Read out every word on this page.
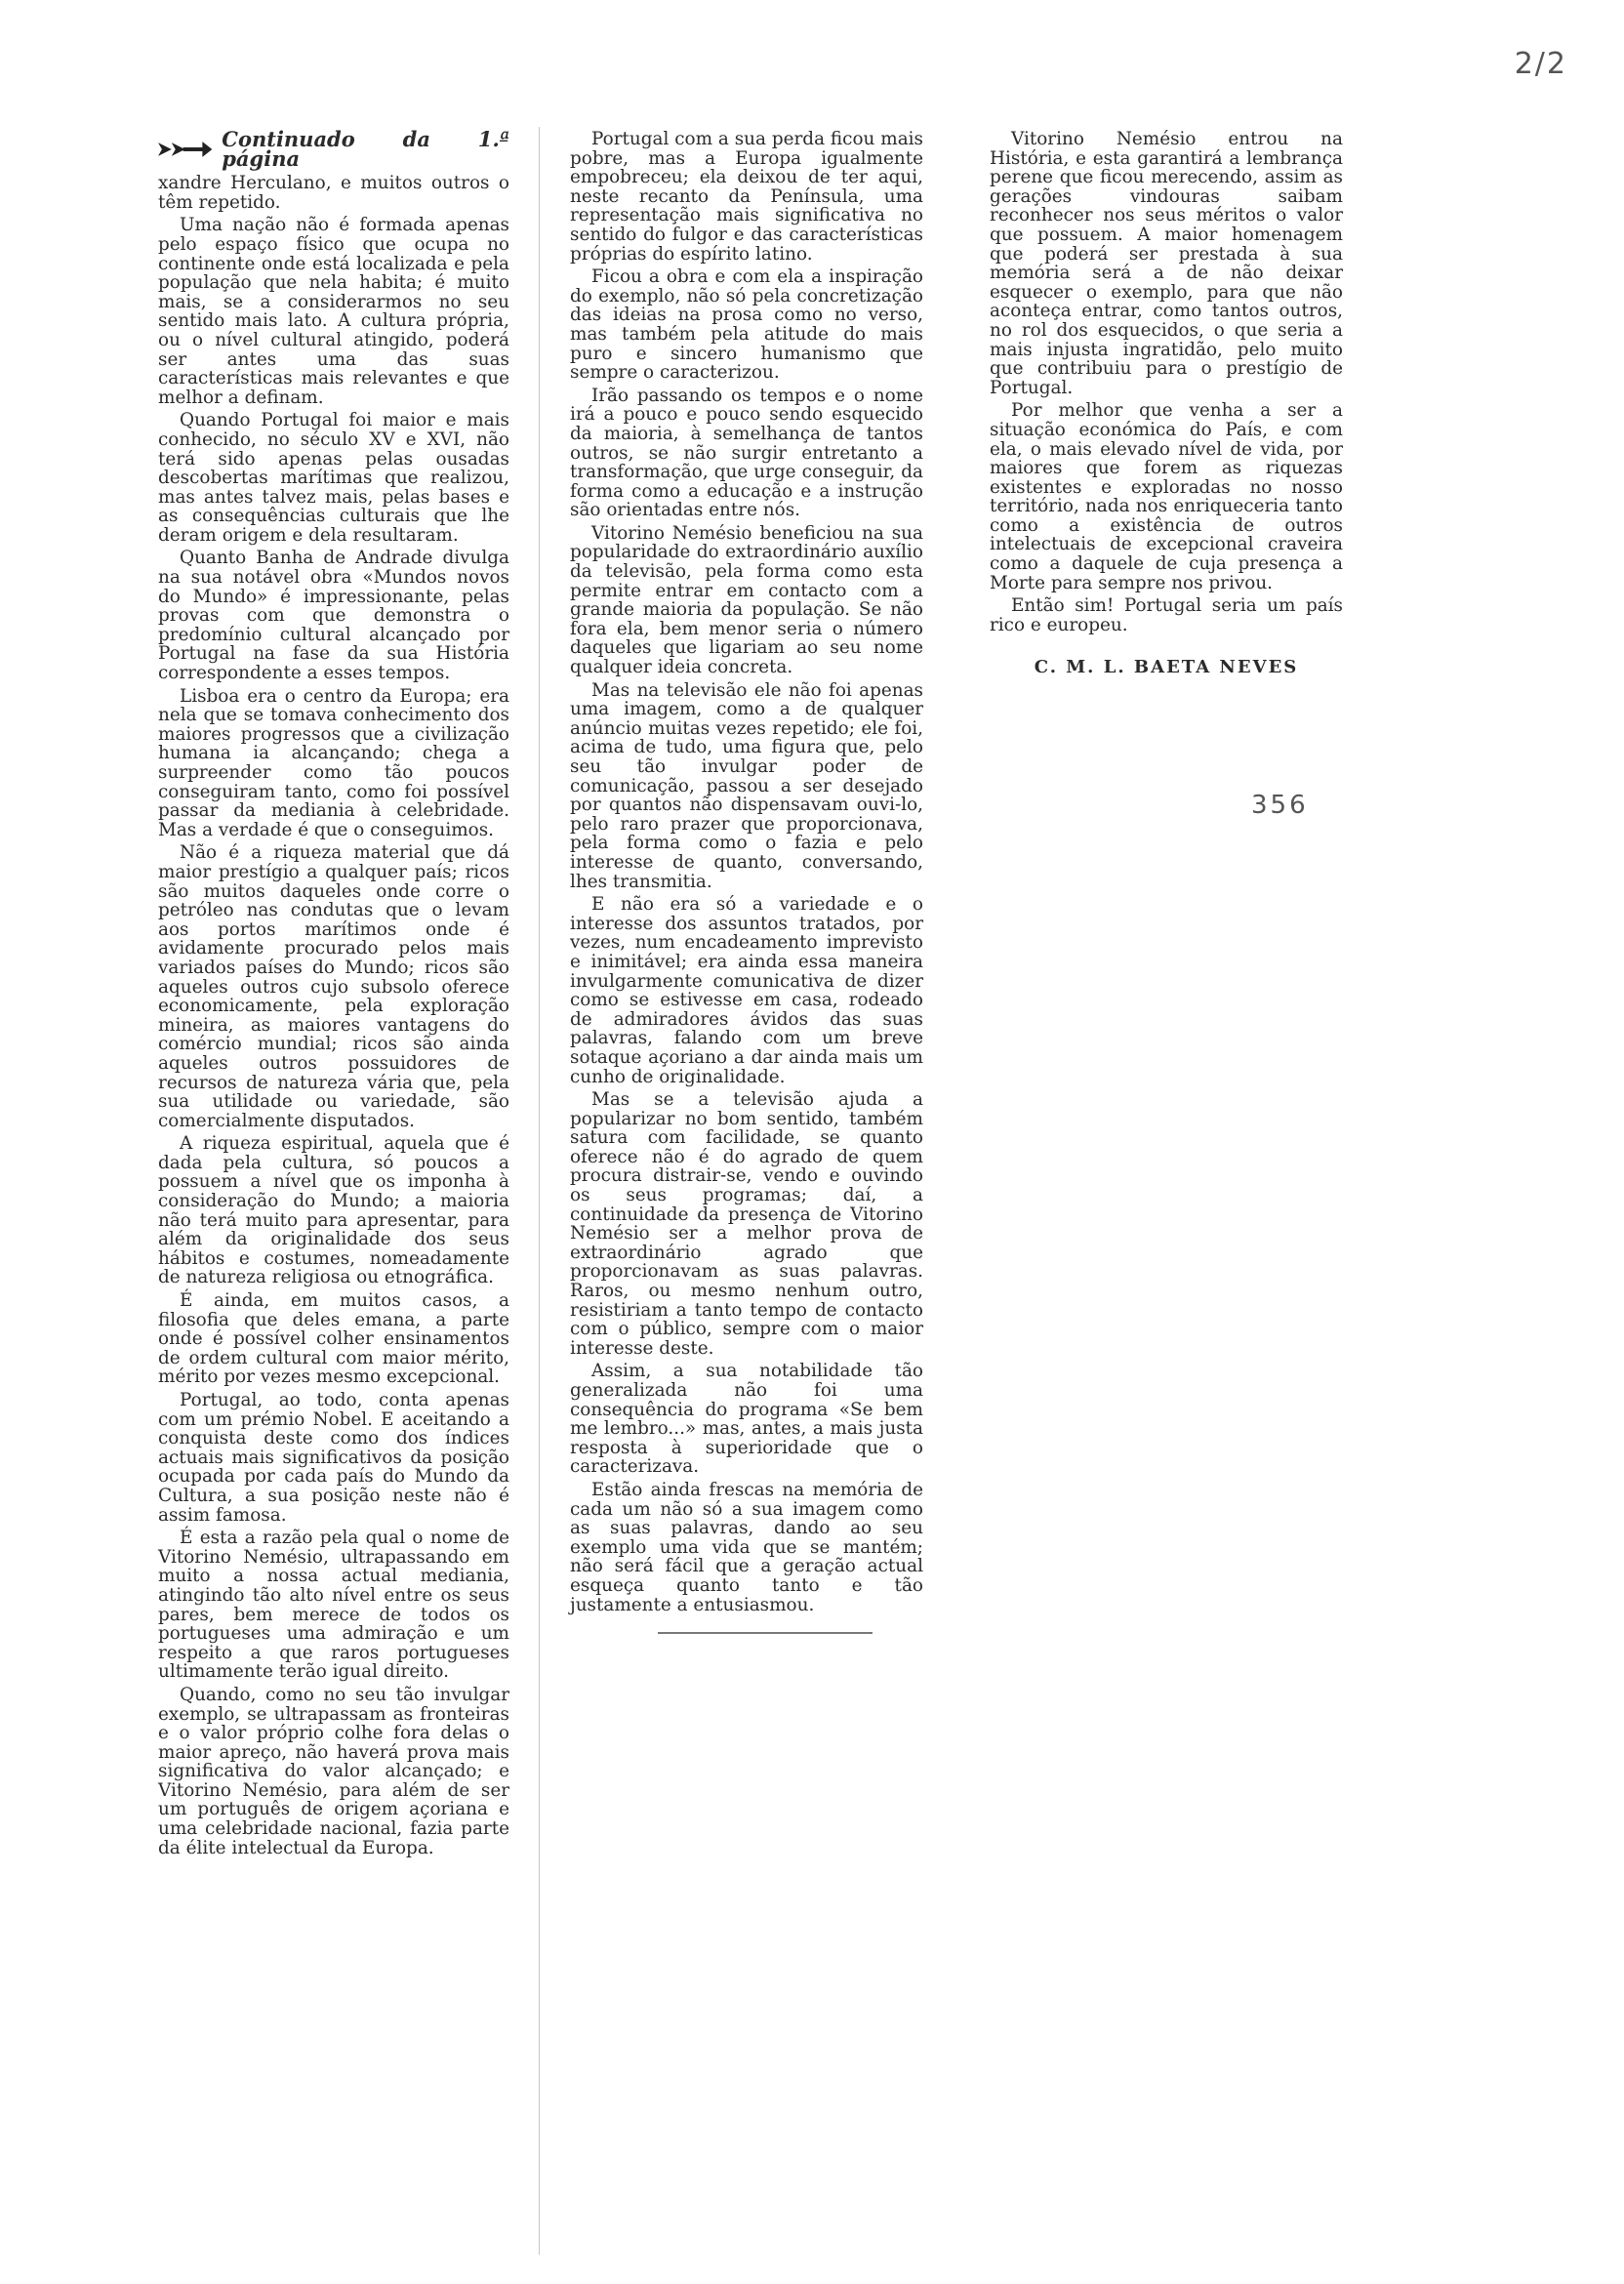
2/2
Continuado da 1.ª página

xandre Herculano, e muitos outros o têm repetido.

Uma nação não é formada apenas pelo espaço físico que ocupa no continente onde está localizada e pela população que nela habita; é muito mais, se a considerarmos no seu sentido mais lato. A cultura própria, ou o nível cultural atingido, poderá ser antes uma das suas características mais relevantes e que melhor a definam.

Quando Portugal foi maior e mais conhecido, no século XV e XVI, não terá sido apenas pelas ousadas descobertas marítimas que realizou, mas antes talvez mais, pelas bases e as consequências culturais que lhe deram origem e dela resultaram.

Quanto Banha de Andrade divulga na sua notável obra «Mundos novos do Mundo» é impressionante, pelas provas com que demonstra o predomínio cultural alcançado por Portugal na fase da sua História correspondente a esses tempos.

Lisboa era o centro da Europa; era nela que se tomava conhecimento dos maiores progressos que a civilização humana ia alcançando; chega a surpreender como tão poucos conseguiram tanto, como foi possível passar da mediania à celebridade. Mas a verdade é que o conseguimos.

Não é a riqueza material que dá maior prestígio a qualquer país; ricos são muitos daqueles onde corre o petróleo nas condutas que o levam aos portos marítimos onde é avidamente procurado pelos mais variados países do Mundo; ricos são aqueles outros cujo subsolo oferece economicamente, pela exploração mineira, as maiores vantagens do comércio mundial; ricos são ainda aqueles outros possuidores de recursos de natureza vária que, pela sua utilidade ou variedade, são comercialmente disputados.

A riqueza espiritual, aquela que é dada pela cultura, só poucos a possuem a nível que os imponha à consideração do Mundo; a maioria não terá muito para apresentar, para além da originalidade dos seus hábitos e costumes, nomeadamente de natureza religiosa ou etnográfica.

É ainda, em muitos casos, a filosofia que deles emana, a parte onde é possível colher ensinamentos de ordem cultural com maior mérito, mérito por vezes mesmo excepcional.

Portugal, ao todo, conta apenas com um prémio Nobel. E aceitando a conquista deste como dos índices actuais mais significativos da posição ocupada por cada país do Mundo da Cultura, a sua posição neste não é assim famosa.

É esta a razão pela qual o nome de Vitorino Nemésio, ultrapassando em muito a nossa actual mediania, atingindo tão alto nível entre os seus pares, bem merece de todos os portugueses uma admiração e um respeito a que raros portugueses ultimamente terão igual direito.

Quando, como no seu tão invulgar exemplo, se ultrapassam as fronteiras e o valor próprio colhe fora delas o maior apreço, não haverá prova mais significativa do valor alcançado; e Vitorino Nemésio, para além de ser um português de origem açoriana e uma celebridade nacional, fazia parte da élite intelectual da Europa.

Portugal com a sua perda ficou mais pobre, mas a Europa igualmente empobreceu; ela deixou de ter aqui, neste recanto da Península, uma representação mais significativa no sentido do fulgor e das características próprias do espírito latino.

Ficou a obra e com ela a inspiração do exemplo, não só pela concretização das ideias na prosa como no verso, mas também pela atitude do mais puro e sincero humanismo que sempre o caracterizou.

Irão passando os tempos e o nome irá a pouco e pouco sendo esquecido da maioria, à semelhança de tantos outros, se não surgir entretanto a transformação, que urge conseguir, da forma como a educação e a instrução são orientadas entre nós.

Vitorino Nemésio beneficiou na sua popularidade do extraordinário auxílio da televisão, pela forma como esta permite entrar em contacto com a grande maioria da população. Se não fora ela, bem menor seria o número daqueles que ligariam ao seu nome qualquer ideia concreta.

Mas na televisão ele não foi apenas uma imagem, como a de qualquer anúncio muitas vezes repetido; ele foi, acima de tudo, uma figura que, pelo seu tão invulgar poder de comunicação, passou a ser desejado por quantos não dispensavam ouvi-lo, pelo raro prazer que proporcionava, pela forma como o fazia e pelo interesse de quanto, conversando, lhes transmitia.

E não era só a variedade e o interesse dos assuntos tratados, por vezes, num encadeamento imprevisto e inimitável; era ainda essa maneira invulgarmente comunicativa de dizer como se estivesse em casa, rodeado de admiradores ávidos das suas palavras, falando com um breve sotaque açoriano a dar ainda mais um cunho de originalidade.

Mas se a televisão ajuda a popularizar no bom sentido, também satura com facilidade, se quanto oferece não é do agrado de quem procura distrair-se, vendo e ouvindo os seus programas; daí, a continuidade da presença de Vitorino Nemésio ser a melhor prova de extraordinário agrado que proporcionavam as suas palavras. Raros, ou mesmo nenhum outro, resistiriam a tanto tempo de contacto com o público, sempre com o maior interesse deste.

Assim, a sua notabilidade tão generalizada não foi uma consequência do programa «Se bem me lembro...» mas, antes, a mais justa resposta à superioridade que o caracterizava.

Estão ainda frescas na memória de cada um não só a sua imagem como as suas palavras, dando ao seu exemplo uma vida que se mantém; não será fácil que a geração actual esqueça quanto tanto e tão justamente a entusiasmou.

Vitorino Nemésio entrou na História, e esta garantirá a lembrança perene que ficou merecendo, assim as gerações vindouras saibam reconhecer nos seus méritos o valor que possuem. A maior homenagem que poderá ser prestada à sua memória será a de não deixar esquecer o exemplo, para que não aconteça entrar, como tantos outros, no rol dos esquecidos, o que seria a mais injusta ingratidão, pelo muito que contribuiu para o prestígio de Portugal.

Por melhor que venha a ser a situação económica do País, e com ela, o mais elevado nível de vida, por maiores que forem as riquezas existentes e exploradas no nosso território, nada nos enriqueceria tanto como a existência de outros intelectuais de excepcional craveira como a daquele de cuja presença a Morte para sempre nos privou.

Então sim! Portugal seria um país rico e europeu.

C. M. L. BAETA NEVES
356
